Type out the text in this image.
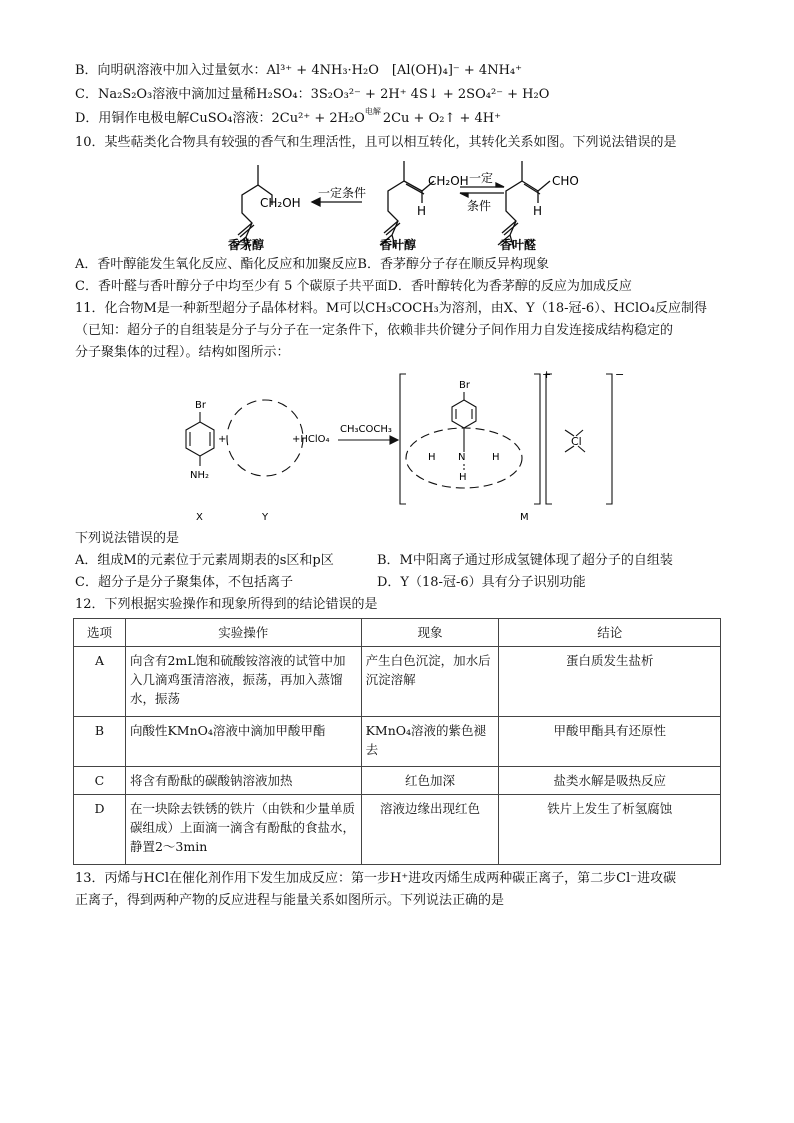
B．向明矾溶液中加入过量氨水：Al³⁺ + 4NH₃·H₂O　[Al(OH)₄]⁻ + 4NH₄⁺
C．Na₂S₂O₃溶液中滴加过量稀H₂SO₄：3S₂O₃²⁻ + 2H⁺ 4S↓ + 2SO₄²⁻ + H₂O
D．用铜作电极电解CuSO₄溶液：2Cu²⁺ + 2H₂O 电解 2Cu + O₂↑ + 4H⁺
10．某些萜类化合物具有较强的香气和生理活性，且可以相互转化，其转化关系如图。下列说法错误的是
CH₂OH
一定条件
CH₂OH
H
一定
条件
CHO
H
香茅醇	香叶醇	香叶醛
A．香叶醇能发生氧化反应、酯化反应和加聚反应B．香茅醇分子存在顺反异构现象
C．香叶醛与香叶醇分子中均至少有 5 个碳原子共平面D．香叶醇转化为香茅醇的反应为加成反应
11．化合物M是一种新型超分子晶体材料。M可以CH₃COCH₃为溶剂，由X、Y（18-冠-6）、HClO₄反应制得
（已知：超分子的自组装是分子与分子在一定条件下，依赖非共价键分子间作用力自发连接成结构稳定的
分子聚集体的过程）。结构如图所示：
Br
NH₂
+	+HClO₄
CH₃COCH₃
Br
N
H
H	H
Cl
+	−
X	Y	M
下列说法错误的是
A．组成M的元素位于元素周期表的s区和p区	B．M中阳离子通过形成氢键体现了超分子的自组装
C．超分子是分子聚集体，不包括离子	D．Y（18-冠-6）具有分子识别功能
12．下列根据实验操作和现象所得到的结论错误的是
选项	实验操作	现象	结论
A	向含有2mL饱和硫酸铵溶液的试管中加入几滴鸡蛋清溶液，振荡，再加入蒸馏水，振荡	产生白色沉淀，加水后沉淀溶解	蛋白质发生盐析
B	向酸性KMnO₄溶液中滴加甲酸甲酯	KMnO₄溶液的紫色褪去	甲酸甲酯具有还原性
C	将含有酚酞的碳酸钠溶液加热	红色加深	盐类水解是吸热反应
D	在一块除去铁锈的铁片（由铁和少量单质碳组成）上面滴一滴含有酚酞的食盐水，静置2～3min	溶液边缘出现红色	铁片上发生了析氢腐蚀
13．丙烯与HCl在催化剂作用下发生加成反应：第一步H⁺进攻丙烯生成两种碳正离子，第二步Cl⁻进攻碳
正离子，得到两种产物的反应进程与能量关系如图所示。下列说法正确的是
